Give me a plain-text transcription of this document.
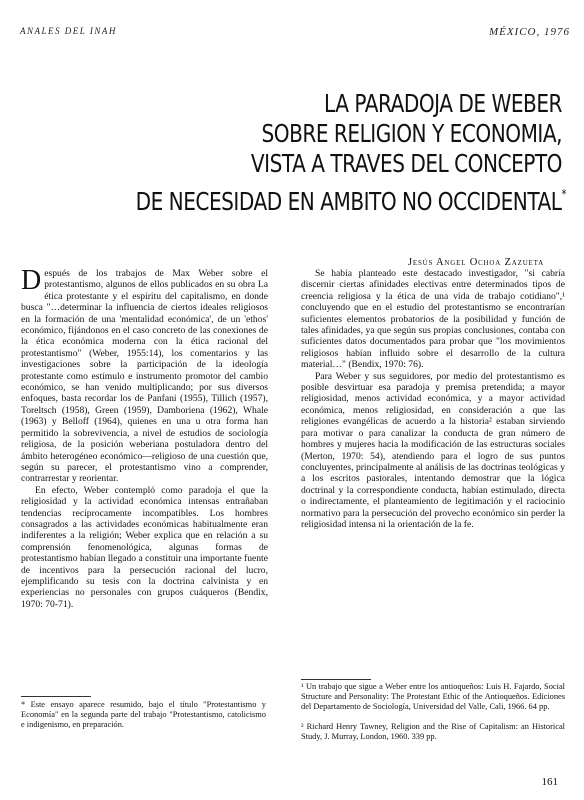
ANALES DEL INAH	MÉXICO, 1976
LA PARADOJA DE WEBER
SOBRE RELIGION Y ECONOMIA,
VISTA A TRAVES DEL CONCEPTO
DE NECESIDAD EN AMBITO NO OCCIDENTAL*
Jesús Angel Ochoa Zazueta

Después de los trabajos de Max Weber sobre el protestantismo, algunos de ellos publicados en su obra La ética protestante y el espíritu del capitalismo, en donde busca "…determinar la influencia de ciertos ideales religiosos en la formación de una 'mentalidad económica', de un 'ethos' económico, fijándonos en el caso concreto de las conexiones de la ética económica moderna con la ética racional del protestantismo" (Weber, 1955:14), los comentarios y las investigaciones sobre la participación de la ideología protestante como estímulo e instrumento promotor del cambio económico, se han venido multiplicando; por sus diversos enfoques, basta recordar los de Panfani (1955), Tillich (1957), Toreltsch (1958), Green (1959), Damboriena (1962), Whale (1963) y Belloff (1964), quienes en una u otra forma han permitido la sobrevivencia, a nivel de estudios de sociología religiosa, de la posición weberiana postuladora dentro del ámbito heterogéneo económico—religioso de una cuestión que, según su parecer, el protestantismo vino a comprender, contrarrestar y reorientar.

En efecto, Weber contempló como paradoja el que la religiosidad y la actividad económica intensas entrañaban tendencias recíprocamente incompatibles. Los hombres consagrados a las actividades económicas habitualmente eran indiferentes a la religión; Weber explica que en relación a su comprensión fenomenológica, algunas formas de protestantismo habían llegado a constituir una importante fuente de incentivos para la persecución racional del lucro, ejemplificando su tesis con la doctrina calvinista y en experiencias no personales con grupos cuáqueros (Bendix, 1970: 70-71).

Se había planteado este destacado investigador, "si cabría discernir ciertas afinidades electivas entre determinados tipos de creencia religiosa y la ética de una vida de trabajo cotidiano",¹ concluyendo que en el estudio del protestantismo se encontrarían suficientes elementos probatorios de la posibilidad y función de tales afinidades, ya que según sus propias conclusiones, contaba con suficientes datos documentados para probar que "los movimientos religiosos habían influido sobre el desarrollo de la cultura material…" (Bendix, 1970: 76).

Para Weber y sus seguidores, por medio del protestantismo es posible desvirtuar esa paradoja y premisa pretendida; a mayor religiosidad, menos actividad económica, y a mayor actividad económica, menos religiosidad, en consideración a que las religiones evangélicas de acuerdo a la historia² estaban sirviendo para motivar o para canalizar la conducta de gran número de hombres y mujeres hacia la modificación de las estructuras sociales (Merton, 1970: 54), atendiendo para el logro de sus puntos concluyentes, principalmente al análisis de las doctrinas teológicas y a los escritos pastorales, intentando demostrar que la lógica doctrinal y la correspondiente conducta, habían estimulado, directa o indirectamente, el planteamiento de legitimación y el raciocinio normativo para la persecución del provecho económico sin perder la religiosidad intensa ni la orientación de la fe.

* Este ensayo aparece resumido, bajo el título "Protestantismo y Economía" en la segunda parte del trabajo "Protestantismo, catolicismo e indigenismo, en preparación.

¹ Un trabajo que sigue a Weber entre los antioqueños: Luis H. Fajardo, Social Structure and Personality: The Protestant Ethic of the Antioqueños. Ediciones del Departamento de Sociología, Universidad del Valle, Cali, 1966. 64 pp.

² Richard Henry Tawney, Religion and the Rise of Capitalism: an Historical Study, J. Murray, London, 1960. 339 pp.

161
